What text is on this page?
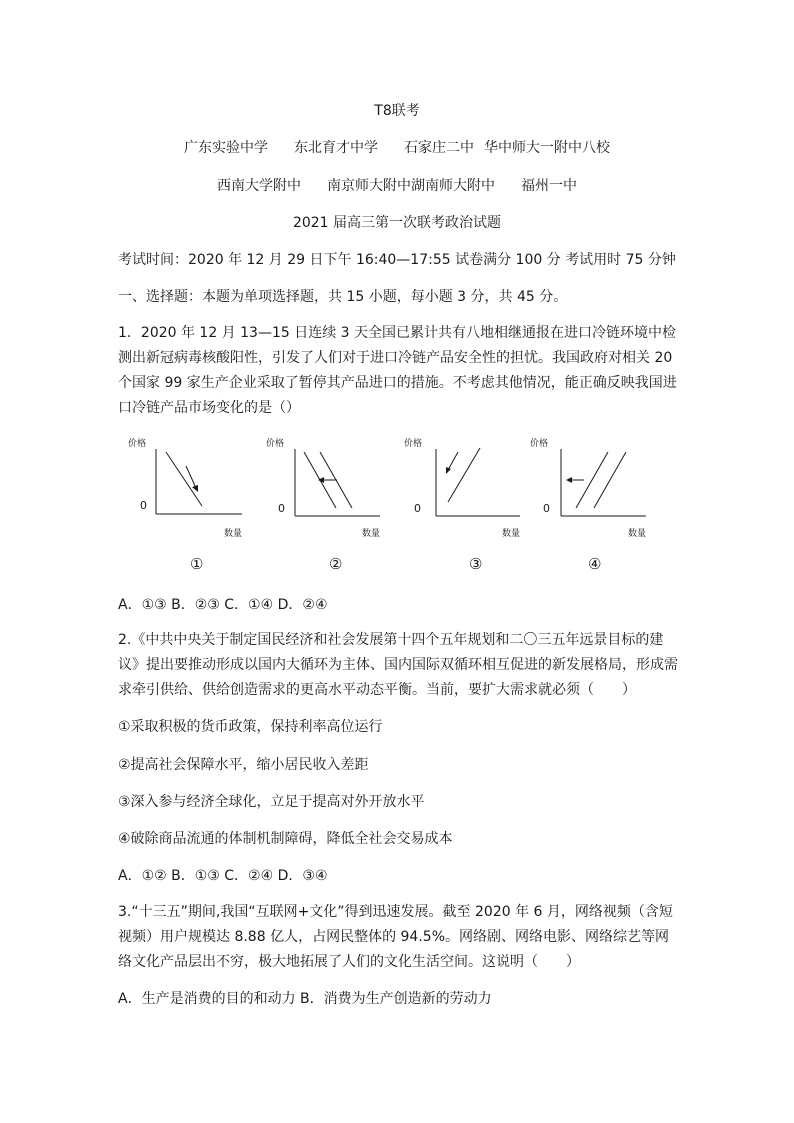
T8联考
广东实验中学 东北育才中学 石家庄二中 华中师大一附中八校
西南大学附中 南京师大附中湖南师大附中 福州一中
2021 届高三第一次联考政治试题
考试时间：2020 年 12 月 29 日下午 16:40—17:55 试卷满分 100 分 考试用时 75 分钟
一、选择题：本题为单项选择题，共 15 小题，每小题 3 分，共 45 分。
1．2020 年 12 月 13—15 日连续 3 天全国已累计共有八地相继通报在进口冷链环境中检测出新冠病毒核酸阳性，引发了人们对于进口冷链产品安全性的担忧。我国政府对相关 20 个国家 99 家生产企业采取了暂停其产品进口的措施。不考虑其他情况，能正确反映我国进口冷链产品市场变化的是（）
价格	价格	价格	价格
数量	数量	数量	数量
0	0	0	0
①	②	③	④
A．①③ B．②③ C．①④ D．②④
2.《中共中央关于制定国民经济和社会发展第十四个五年规划和二〇三五年远景目标的建议》提出要推动形成以国内大循环为主体、国内国际双循环相互促进的新发展格局，形成需求牵引供给、供给创造需求的更高水平动态平衡。当前，要扩大需求就必须（　　）
①采取积极的货币政策，保持利率高位运行
②提高社会保障水平，缩小居民收入差距
③深入参与经济全球化，立足于提高对外开放水平
④破除商品流通的体制机制障碍，降低全社会交易成本
A．①② B．①③ C．②④ D．③④
3.“十三五”期间,我国“互联网+文化”得到迅速发展。截至 2020 年 6 月，网络视频（含短视频）用户规模达 8.88 亿人，占网民整体的 94.5%。网络剧、网络电影、网络综艺等网络文化产品层出不穷，极大地拓展了人们的文化生活空间。这说明（　　）
A．生产是消费的目的和动力 B．消费为生产创造新的劳动力
